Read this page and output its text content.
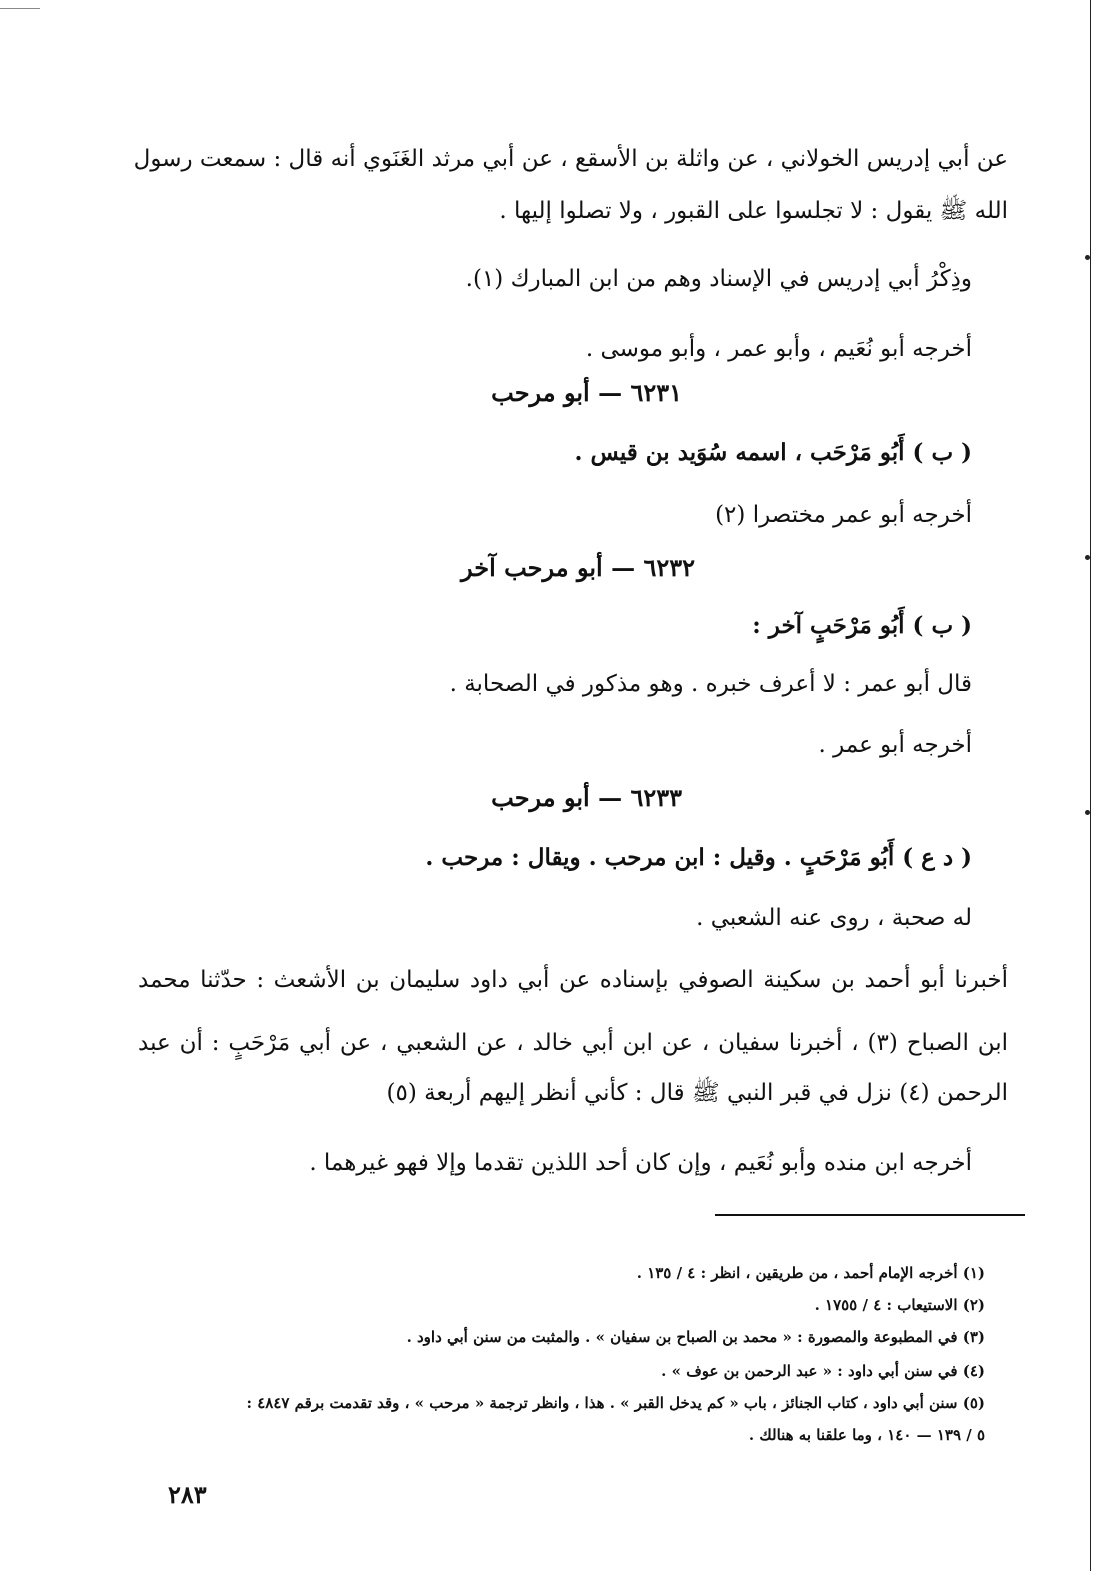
عن أبي إدريس الخولاني ، عن واثلة بن الأسقع ، عن أبي مرثد الغَنَوي أنه قال : سمعت رسول
الله ﷺ يقول : لا تجلسوا على القبور ، ولا تصلوا إليها .
وذِكْرُ أبي إدريس في الإسناد وهم من ابن المبارك (١).
أخرجه أبو نُعَيم ، وأبو عمر ، وأبو موسى .
٦٢٣١ — أبو مرحب
( ب ) أَبُو مَرْحَب ، اسمه سُوَيد بن قيس .
أخرجه أبو عمر مختصرا (٢)
٦٢٣٢ — أبو مرحب آخر
( ب ) أَبُو مَرْحَبٍ آخر :
قال أبو عمر : لا أعرف خبره . وهو مذكور في الصحابة .
أخرجه أبو عمر .
٦٢٣٣ — أبو مرحب
( د ع ) أَبُو مَرْحَبٍ . وقيل : ابن مرحب . ويقال : مرحب .
له صحبة ، روى عنه الشعبي .
أخبرنا أبو أحمد بن سكينة الصوفي بإسناده عن أبي داود سليمان بن الأشعث : حدّثنا محمد
ابن الصباح (٣) ، أخبرنا سفيان ، عن ابن أبي خالد ، عن الشعبي ، عن أبي مَرْحَبٍ : أن عبد
الرحمن (٤) نزل في قبر النبي ﷺ قال : كأني أنظر إليهم أربعة (٥)
أخرجه ابن منده وأبو نُعَيم ، وإن كان أحد اللذين تقدما وإلا فهو غيرهما .
(١) أخرجه الإمام أحمد ، من طريقين ، انظر : ٤ / ١٣٥ .
(٢) الاستيعاب : ٤ / ١٧٥٥ .
(٣) في المطبوعة والمصورة : « محمد بن الصباح بن سفيان » . والمثبت من سنن أبي داود .
(٤) في سنن أبي داود : « عبد الرحمن بن عوف » .
(٥) سنن أبي داود ، كتاب الجنائز ، باب « كم يدخل القبر » . هذا ، وانظر ترجمة « مرحب » ، وقد تقدمت برقم ٤٨٤٧ :
٥ / ١٣٩ — ١٤٠ ، وما علقنا به هنالك .
٢٨٣
